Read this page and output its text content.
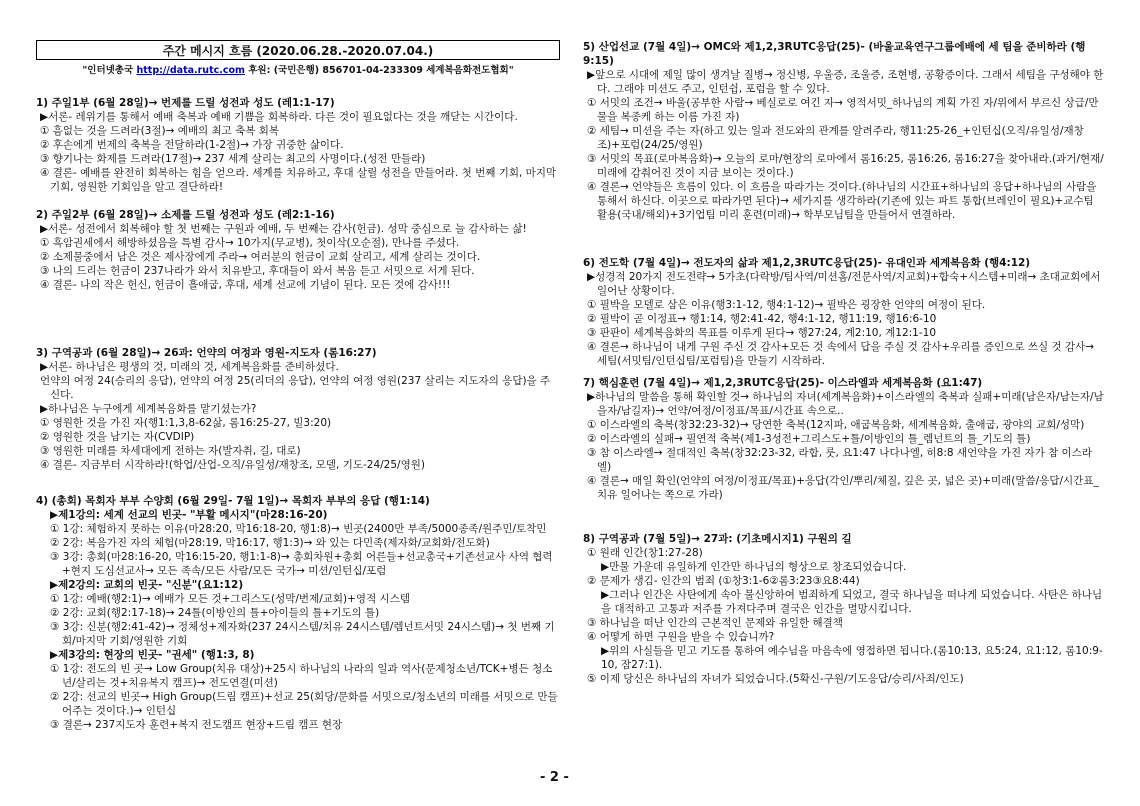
주간 메시지 흐름 (2020.06.28.-2020.07.04.)
"인터넷총국 http://data.rutc.com 후원: (국민은행) 856701-04-233309 세계복음화전도협회"
1) 주일1부 (6월 28일)→ 번제를 드릴 성전과 성도 (레1:1-17)
▶서론- 레위기를 통해서 예배 축복과 예배 기쁨을 회복하라. 다른 것이 필요없다는 것을 깨닫는 시간이다.
① 흠없는 것을 드려라(3절)→ 예배의 최고 축복 회복
② 후손에게 번제의 축복을 전달하라(1-2절)→ 가장 귀중한 삶이다.
③ 향기나는 화제를 드려라(17절)→ 237 세계 살리는 최고의 사명이다.(성전 만들라)
④ 결론- 예배를 완전히 회복하는 힘을 얻으라. 세계를 치유하고, 후대 살릴 성전을 만들어라. 첫 번째 기회, 마지막 기회, 영원한 기회임을 알고 결단하라!
2) 주일2부 (6월 28일)→ 소제를 드릴 성전과 성도 (레2:1-16)
▶서론- 성전에서 회복해야 할 첫 번째는 구원과 예배, 두 번째는 감사(헌금). 성막 중심으로 늘 감사하는 삶!
① 흑암권세에서 해방하셨음을 특별 감사→ 10가지(무교병), 첫이삭(오순절), 만나를 주셨다.
② 소제물중에서 남은 것은 제사장에게 주라→ 여러분의 헌금이 교회 살리고, 세계 살리는 것이다.
③ 나의 드리는 헌금이 237나라가 와서 치유받고, 후대들이 와서 복음 듣고 서밋으로 서게 된다.
④ 결론- 나의 작은 헌신, 헌금이 흘애굽, 후대, 세계 선교에 기념이 된다. 모든 것에 감사!!!
3) 구역공과 (6월 28일)→ 26과: 언약의 여정과 영원-지도자 (롬16:27)
▶서론- 하나님은 평생의 것, 미래의 것, 세계복음화를 준비하셨다.
언약의 여정 24(승리의 응답), 언약의 여정 25(리더의 응답), 언약의 여정 영원(237 살리는 지도자의 응답)을 주신다.
▶하나님은 누구에게 세계복음화를 맡기셨는가?
① 영원한 것을 가진 자(행1:1,3,8-62삶, 롬16:25-27, 빌3:20)
② 영원한 것을 남기는 자(CVDIP)
③ 영원한 미래를 차세대에게 전하는 자(발자취, 길, 대로)
④ 결론- 지금부터 시작하라!(학업/산업-오직/유일성/재창조, 모델, 기도-24/25/영원)
4) (총회) 목회자 부부 수양회 (6월 29일- 7월 1일)→ 목회자 부부의 응답 (행1:14)
▶제1강의: 세계 선교의 빈곳- "부활 메시지"(마28:16-20)
① 1강: 체험하지 못하는 이유(마28:20, 막16:18-20, 행1:8)→ 빈곳(2400만 부족/5000종족/원주민/토착민
② 2강: 복음가진 자의 체험(마28:19, 막16:17, 행1:3)→ 와 있는 다민족(제자화/교회화/전도화)
③ 3강: 총회(마28:16-20, 막16:15-20, 행1:1-8)→ 총회차원+총회 어른들+선교총국+기존선교사 사역 협력+현지 도심선교사→ 모든 족속/모든 사람/모든 국가→ 미션/인턴십/포럼
▶제2강의: 교회의 빈곳- "신분"(요1:12)
① 1강: 예배(행2:1)→ 예배가 모든 것+그리스도(성막/번제/교회)+영적 시스템
② 2강: 교회(행2:17-18)→ 24틀(이방인의 틀+아이들의 틀+기도의 틀)
③ 3강: 신분(행2:41-42)→ 정체성+제자화(237 24시스템/치유 24시스템/렘넌트서밋 24시스템)→ 첫 번째 기회/마지막 기회/영원한 기회
▶제3강의: 현장의 빈곳- "권세" (행1:3, 8)
① 1강: 전도의 빈 곳→ Low Group(치유 대상)+25시 하나님의 나라의 일과 역사(문제청소년/TCK+병든 청소년/살리는 것+치유복지 캠프)→ 전도연결(미션)
② 2강: 선교의 빈곳→ High Group(드림 캠프)+선교 25(회당/문화를 서밋으로/청소년의 미래를 서밋으로 만들어주는 것이다.)→ 인턴십
③ 결론→ 237지도자 훈련+복지 전도캠프 현장+드림 캠프 현장
5) 산업선교 (7월 4일)→ OMC와 제1,2,3RUTC응답(25)- (바울교육연구그룹에배에 세 팀을 준비하라 (행9:15)
▶앞으로 시대에 제일 많이 생겨날 질병→ 정신병, 우울증, 조울증, 조현병, 공황증이다. 그래서 세팀을 구성해야 한다. 그래야 미션도 주고, 인턴쉽, 포럼을 할 수 있다.
① 서밋의 조건→ 바울(공부한 사람→ 베실로로 여긴 자→ 영적서밋_하나님의 계획 가진 자/위에서 부르신 상급/만물을 복종케 하는 이름 가진 자)
② 세팀→ 미션을 주는 자(하고 있는 일과 전도와의 관계를 알려주라, 행11:25-26_+인턴십(오직/유일성/재창조)+포럼(24/25/영원)
③ 서밋의 목표(로마복음화)→ 오늘의 로마/현장의 로마에서 롬16:25, 롬16:26, 롬16:27을 찾아내라.(과거/현재/미래에 감춰어진 것이 지금 보이는 것이다.)
④ 결론→ 언약들은 흐름이 있다. 이 흐름을 따라가는 것이다.(하나님의 시간표+하나님의 응답+하나님의 사람을 통해서 하신다. 이곳으로 따라가면 된다)→ 세가지를 생각하라(기존에 있는 파트 통합(브레인이 필요)+교수팀 활용(국내/해외)+3기업팀 미리 훈련(미래)→ 학부모님팀을 만들어서 연결하라.
6) 전도학 (7월 4일)→ 전도자의 삶과 제1,2,3RUTC응답(25)- 유대인과 세계복음화 (행4:12)
▶성경적 20가지 전도전략→ 5가초(다락방/팀사역/미션홈/전문사역/지교회)+합숙+시스템+미래→ 초대교회에서 일어난 상황이다.
① 필박을 모델로 삼은 이유(행3:1-12, 행4:1-12)→ 필박은 굉장한 언약의 여정이 된다.
② 필박이 곧 이정표→ 행1:14, 행2:41-42, 행4:1-12, 행11:19, 행16:6-10
③ 판판이 세계복음화의 목표를 이루게 된다→ 행27:24, 계2:10, 계12:1-10
④ 결론→ 하나님이 내게 구원 주신 것 감사+모든 것 속에서 답을 주실 것 감사+우리를 증인으로 쓰실 것 감사→ 세팀(서밋팀/인턴십팀/포럼팀)을 만들기 시작하라.
7) 핵심훈련 (7월 4일)→ 제1,2,3RUTC응답(25)- 이스라엘과 세계복음화 (요1:47)
▶하나님의 말씀을 통해 확인할 것→ 하나님의 자녀(세계복음화)+이스라엘의 축복과 실패+미래(남은자/남는자/남을자/남길자)→ 언약/여정/이정표/목표/시간표 속으로..
① 이스라엘의 축복(창32:23-32)→ 당연한 축복(12지파, 애굽복음화, 세계복음화, 출애굽, 광야의 교회/성막)
② 이스라엘의 실패→ 필연적 축복(제1-3성전+그리스도+틀/이방인의 틀_렘넌트의 틀_기도의 틀)
③ 참 이스라엘→ 절대적인 축복(창32:23-32, 라합, 룻, 요1:47 나다나엘, 히8:8 새언약을 가진 자가 참 이스라엘)
④ 결론→ 매일 확인(언약의 여정/이정표/목표)+응답(각인/뿌리/체질, 깊은 곳, 넓은 곳)+미래(말씀/응답/시간표_치유 일어나는 쪽으로 가라)
8) 구역공과 (7월 5일)→ 27과: (기초메시지1) 구원의 길
① 원래 인간(창1:27-28)
▶만물 가운데 유일하게 인간만 하나님의 형상으로 창조되었습니다.
② 문제가 생김- 인간의 범죄 (①창3:1-6②롬3:23③요8:44)
▶그러나 인간은 사탄에게 속아 불신앙하여 범죄하게 되었고, 결국 하나님을 떠나게 되었습니다. 사탄은 하나님을 대적하고 고통과 저주를 가져다주며 결국은 인간을 멸망시킵니다.
③ 하나님을 떠난 인간의 근본적인 문제와 유일한 해결책
④ 어떻게 하면 구원을 받을 수 있습니까?
▶위의 사실들을 믿고 기도를 통하여 예수님을 마음속에 영접하면 됩니다.(롬10:13, 요5:24, 요1:12, 롬10:9-10, 잠27:1).
⑤ 이제 당신은 하나님의 자녀가 되었습니다.(5확신-구원/기도응답/승리/사죄/인도)
- 2 -
